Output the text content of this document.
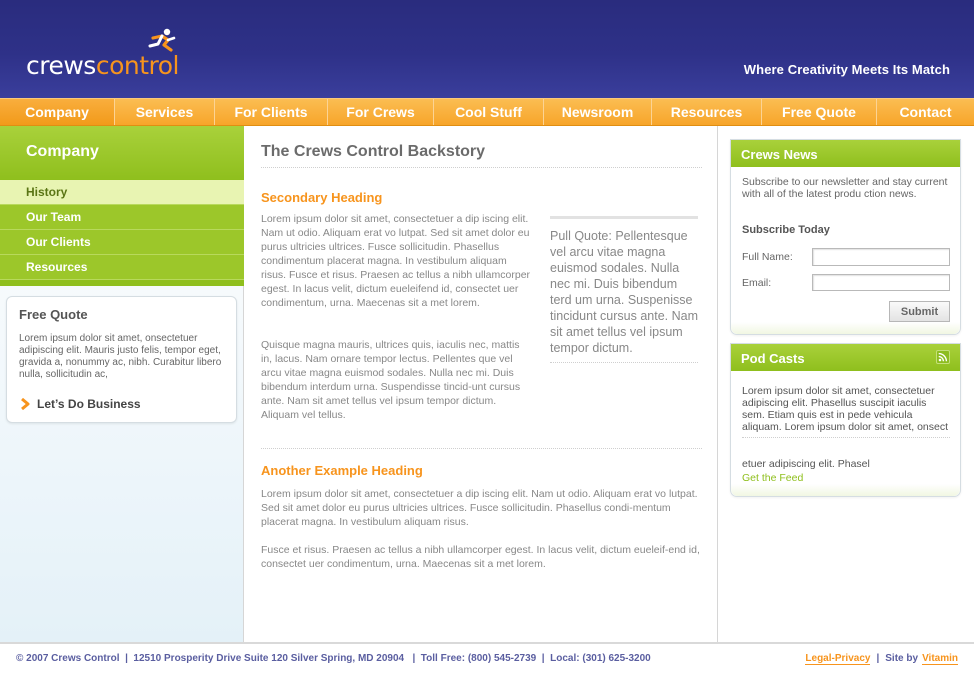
crewscontrol	Where Creativity Meets Its Match
Company	Services	For Clients	For Crews	Cool Stuff	Newsroom	Resources	Free Quote	Contact
Company
History
Our Team
Our Clients
Resources
Free Quote
Lorem ipsum dolor sit amet, onsectetuer adipiscing elit. Mauris justo felis, tempor eget, gravida a, nonummy ac, nibh. Curabitur libero nulla, sollicitudin ac,
Let’s Do Business
The Crews Control Backstory
Secondary Heading
Lorem ipsum dolor sit amet, consectetuer a dip iscing elit. Nam ut odio. Aliquam erat vo lutpat. Sed sit amet dolor eu purus ultricies ultrices. Fusce sollicitudin. Phasellus condimentum placerat magna. In vestibulum aliquam risus. Fusce et risus. Praesen ac tellus a nibh ullamcorper egest. In lacus velit, dictum eueleifend id, consectet uer condimentum, urna. Maecenas sit a met lorem.
Quisque magna mauris, ultrices quis, iaculis nec, mattis in, lacus. Nam ornare tempor lectus. Pellentes que vel arcu vitae magna euismod sodales. Nulla nec mi. Duis bibendum interdum urna. Suspendisse tincid-unt cursus ante. Nam sit amet tellus vel ipsum tempor dictum. Aliquam vel tellus.
Pull Quote: Pellentesque vel arcu vitae magna euismod sodales. Nulla nec mi. Duis bibendum terd um urna. Suspenisse tincidunt cursus ante. Nam sit amet tellus vel ipsum tempor dictum.
Another Example Heading
Lorem ipsum dolor sit amet, consectetuer a dip iscing elit. Nam ut odio. Aliquam erat vo lutpat. Sed sit amet dolor eu purus ultricies ultrices. Fusce sollicitudin. Phasellus condi-mentum placerat magna. In vestibulum aliquam risus.
Fusce et risus. Praesen ac tellus a nibh ullamcorper egest. In lacus velit, dictum eueleif-end id, consectet uer condimentum, urna. Maecenas sit a met lorem.
Crews News
Subscribe to our newsletter and stay current with all of the latest produ ction news.
Subscribe Today
Full Name:
Email:
Submit
Pod Casts
Lorem ipsum dolor sit amet, consectetuer adipiscing elit. Phasellus suscipit iaculis sem. Etiam quis est in pede vehicula aliquam. Lorem ipsum dolor sit amet, onsect
etuer adipiscing elit. Phasel
Get the Feed
© 2007 Crews Control  |  12510 Prosperity Drive Suite 120 Silver Spring, MD 20904   |  Toll Free: (800) 545-2739  |  Local: (301) 625-3200	Legal-Privacy | Site by Vitamin
